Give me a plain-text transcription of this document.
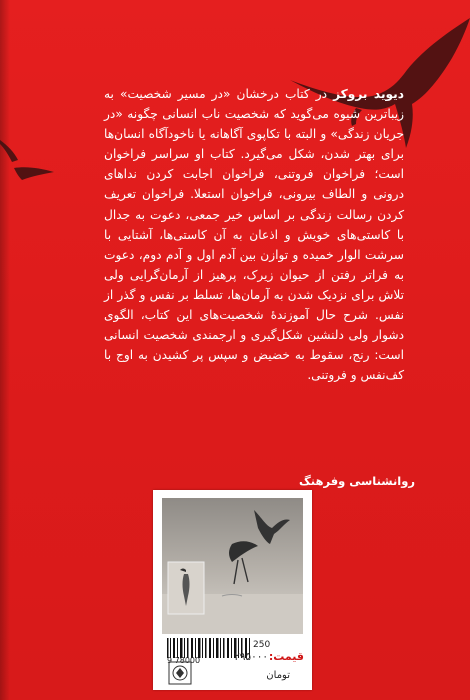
دیوید بروکز در کتاب درخشان «در مسیر شخصیت» به زیباترین شیوه می‌گوید که شخصیت ناب انسانی چگونه «در جریان زندگی» و البته با تکاپوی آگاهانه یا ناخودآگاه انسان‌ها برای بهتر شدن، شکل می‌گیرد. کتاب او سراسر فراخوان است؛ فراخوان فروتنی، فراخوان اجابت کردن نداهای درونی و الطاف بیرونی، فراخوان استعلا. فراخوان تعریف کردن رسالت زندگی بر اساس خیر جمعی، دعوت به جدال با کاستی‌های خویش و اذعان به آن کاستی‌ها، آشتایی با سرشت الوار خمیده و توازن بین آدم اول و آدم دوم، دعوت به فراتر رفتن از حیوان زیرک، پرهیز از آرمان‌گرایی ولی تلاش برای نزدیک شدن به آرمان‌ها، تسلط بر نفس و گذر از نفس. شرح حال آموزندهٔ شخصیت‌های این کتاب، الگوی دشوار ولی دلنشین شکل‌گیری و ارجمندی شخصیت انسانی است: رنج، سقوط به خضیض و سپس پر کشیدن به اوج با کف‌نفس و فروتنی.
روانشناسی وفرهنگ
250
9 78000	قیمت:
۲۹۵۰۰۰
تومان
